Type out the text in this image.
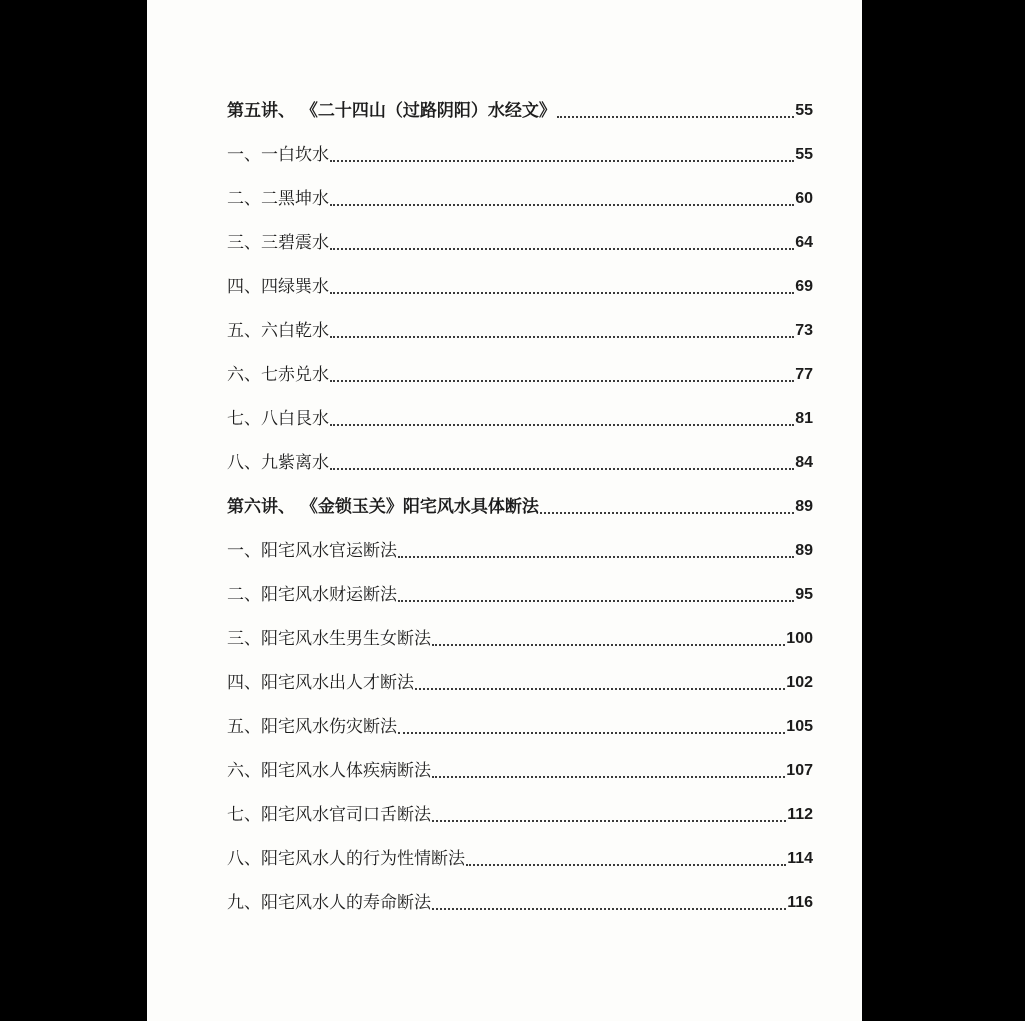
第五讲、 《二十四山（过路阴阳）水经文》	55
一、一白坎水	55
二、二黑坤水	60
三、三碧震水	64
四、四绿巽水	69
五、六白乾水	73
六、七赤兑水	77
七、八白艮水	81
八、九紫离水	84
第六讲、 《金锁玉关》阳宅风水具体断法	89
一、阳宅风水官运断法	89
二、阳宅风水财运断法	95
三、阳宅风水生男生女断法	100
四、阳宅风水出人才断法	102
五、阳宅风水伤灾断法	105
六、阳宅风水人体疾病断法	107
七、阳宅风水官司口舌断法	112
八、阳宅风水人的行为性情断法	114
九、阳宅风水人的寿命断法	116
